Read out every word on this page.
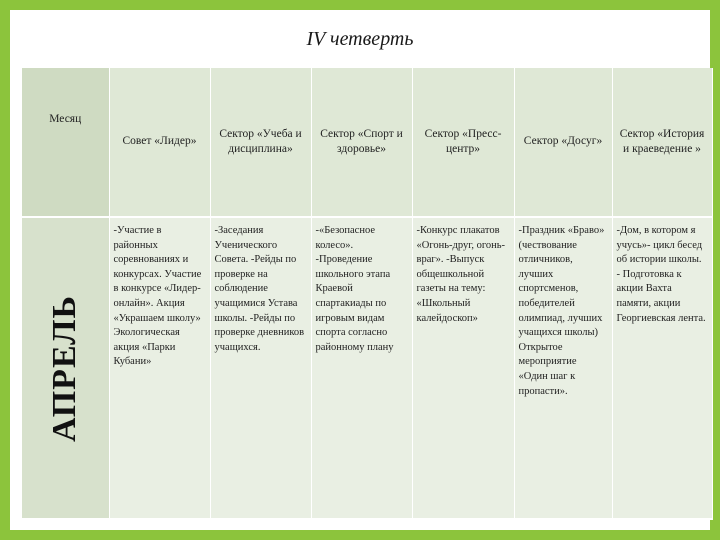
IV четверть
Месяц	Совет «Лидер»	Сектор «Учеба и дисциплина»	Сектор «Спорт и здоровье»	Сектор «Пресс-центр»	Сектор «Досуг»	Сектор «История и краеведение »

АПРЕЛЬ	-Участие в районных соревнованиях и конкурсах. Участие в конкурсе «Лидер-онлайн». Акция «Украшаем школу» Экологическая акция «Парки Кубани»	-Заседания Ученического Совета. -Рейды по проверке на соблюдение учащимися Устава школы. -Рейды по проверке дневников учащихся.	-«Безопасное колесо». -Проведение школьного этапа Краевой спартакиады по игровым видам спорта согласно районному плану	-Конкурс плакатов «Огонь-друг, огонь-враг». -Выпуск общешкольной газеты на тему: «Школьный калейдоскоп»	-Праздник «Браво» (чествование отличников, лучших спортсменов, победителей олимпиад, лучших учащихся школы) Открытое мероприятие «Один шаг к пропасти».	-Дом, в котором я учусь»- цикл бесед об истории школы. - Подготовка к акции Вахта памяти, акции Георгиевская лента.
